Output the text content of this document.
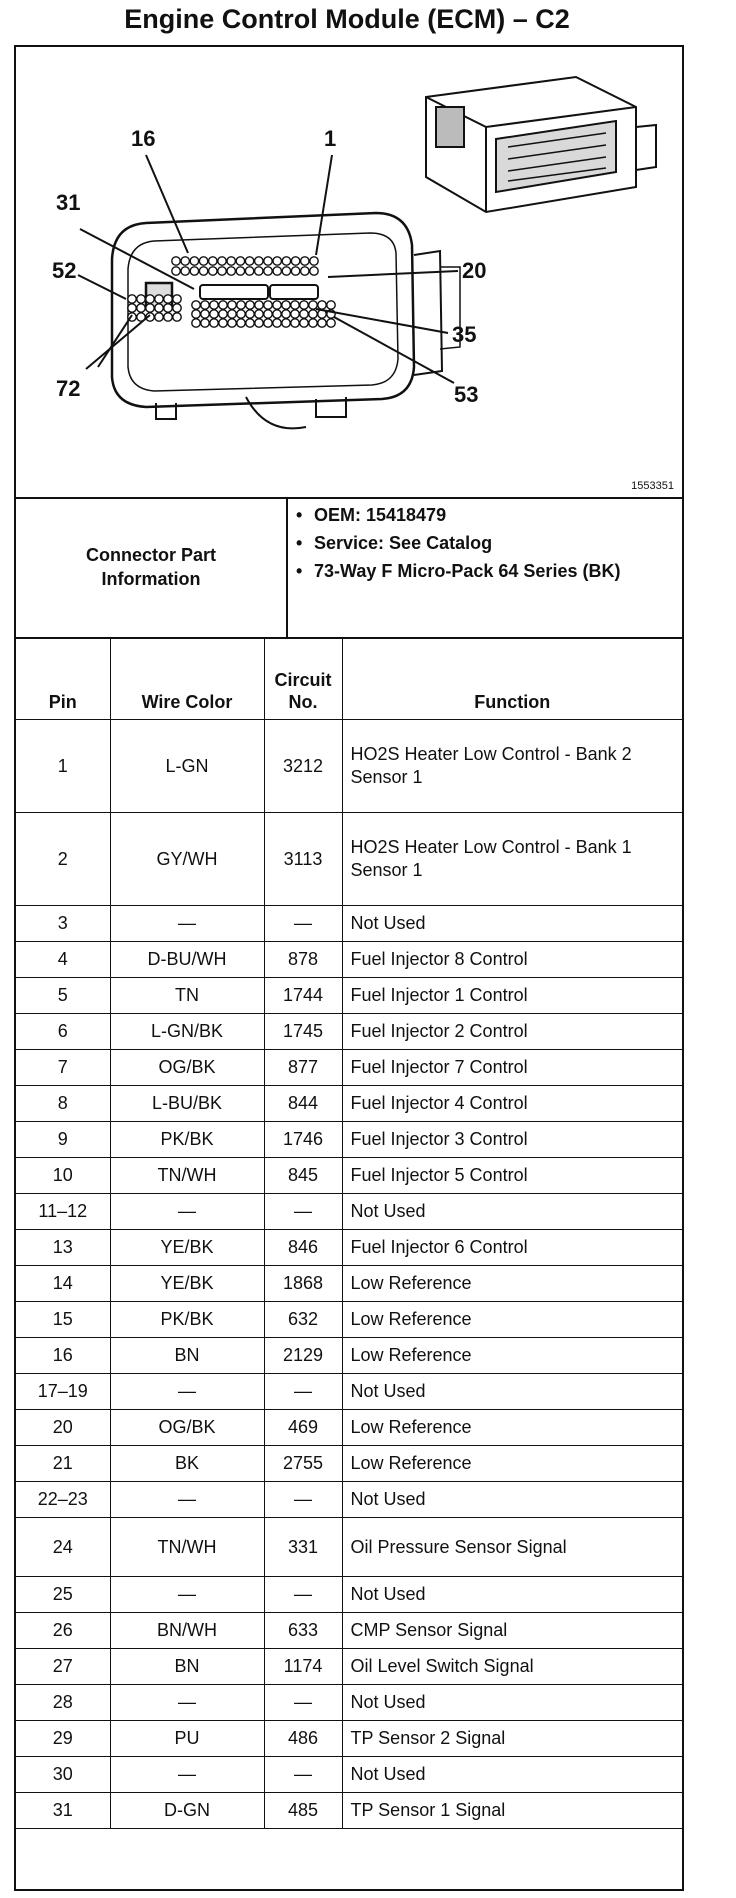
Engine Control Module (ECM) – C2
16	1
31
20
52
35
72	53
1553351
Connector Part Information
• OEM: 15418479
• Service: See Catalog
• 73-Way F Micro-Pack 64 Series (BK)
Pin	Wire Color	Circuit No.	Function
1	L-GN	3212	HO2S Heater Low Control - Bank 2 Sensor 1
2	GY/WH	3113	HO2S Heater Low Control - Bank 1 Sensor 1
3	—	—	Not Used
4	D-BU/WH	878	Fuel Injector 8 Control
5	TN	1744	Fuel Injector 1 Control
6	L-GN/BK	1745	Fuel Injector 2 Control
7	OG/BK	877	Fuel Injector 7 Control
8	L-BU/BK	844	Fuel Injector 4 Control
9	PK/BK	1746	Fuel Injector 3 Control
10	TN/WH	845	Fuel Injector 5 Control
11–12	—	—	Not Used
13	YE/BK	846	Fuel Injector 6 Control
14	YE/BK	1868	Low Reference
15	PK/BK	632	Low Reference
16	BN	2129	Low Reference
17–19	—	—	Not Used
20	OG/BK	469	Low Reference
21	BK	2755	Low Reference
22–23	—	—	Not Used
24	TN/WH	331	Oil Pressure Sensor Signal
25	—	—	Not Used
26	BN/WH	633	CMP Sensor Signal
27	BN	1174	Oil Level Switch Signal
28	—	—	Not Used
29	PU	486	TP Sensor 2 Signal
30	—	—	Not Used
31	D-GN	485	TP Sensor 1 Signal
